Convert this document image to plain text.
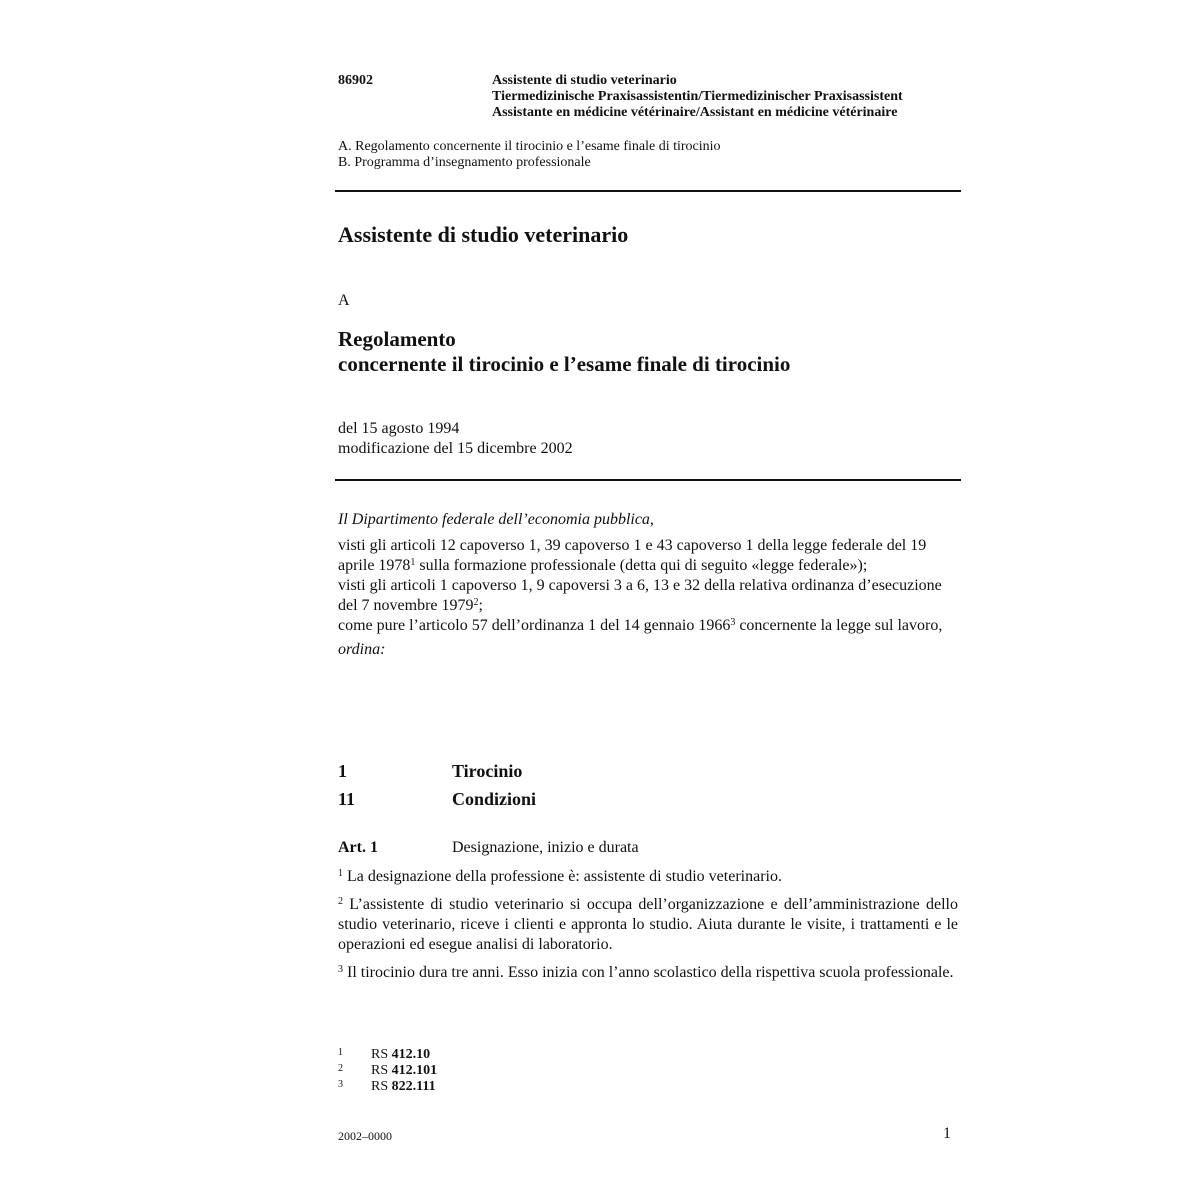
86902	Assistente di studio veterinario
Tiermedizinische Praxisassistentin/Tiermedizinischer Praxisassistent
Assistante en médicine vétérinaire/Assistant en médicine vétérinaire
A. Regolamento concernente il tirocinio e l’esame finale di tirocinio
B. Programma d’insegnamento professionale
Assistente di studio veterinario
A
Regolamento
concernente il tirocinio e l’esame finale di tirocinio
del 15 agosto 1994
modificazione del 15 dicembre 2002

Il Dipartimento federale dell’economia pubblica,

visti gli articoli 12 capoverso 1, 39 capoverso 1 e 43 capoverso 1 della legge federale del 19 aprile 1978$^1$ sulla formazione professionale (detta qui di seguito «legge federale»);

visti gli articoli 1 capoverso 1, 9 capoversi 3 a 6, 13 e 32 della relativa ordinanza d’esecuzione del 7 novembre 1979$^2$;

come pure l’articolo 57 dell’ordinanza 1 del 14 gennaio 1966$^3$ concernente la legge sul lavoro,

ordina:

1	Tirocinio
11	Condizioni
Art. 1	Designazione, inizio e durata

$^1$ La designazione della professione è: assistente di studio veterinario.

$^2$ L’assistente di studio veterinario si occupa dell’organizzazione e dell’amministrazione dello studio veterinario, riceve i clienti e appronta lo studio. Aiuta durante le visite, i trattamenti e le operazioni ed esegue analisi di laboratorio.

$^3$ Il tirocinio dura tre anni. Esso inizia con l’anno scolastico della rispettiva scuola professionale.

1 RS 412.10
2 RS 412.101
3 RS 822.111
2002–0000	1
